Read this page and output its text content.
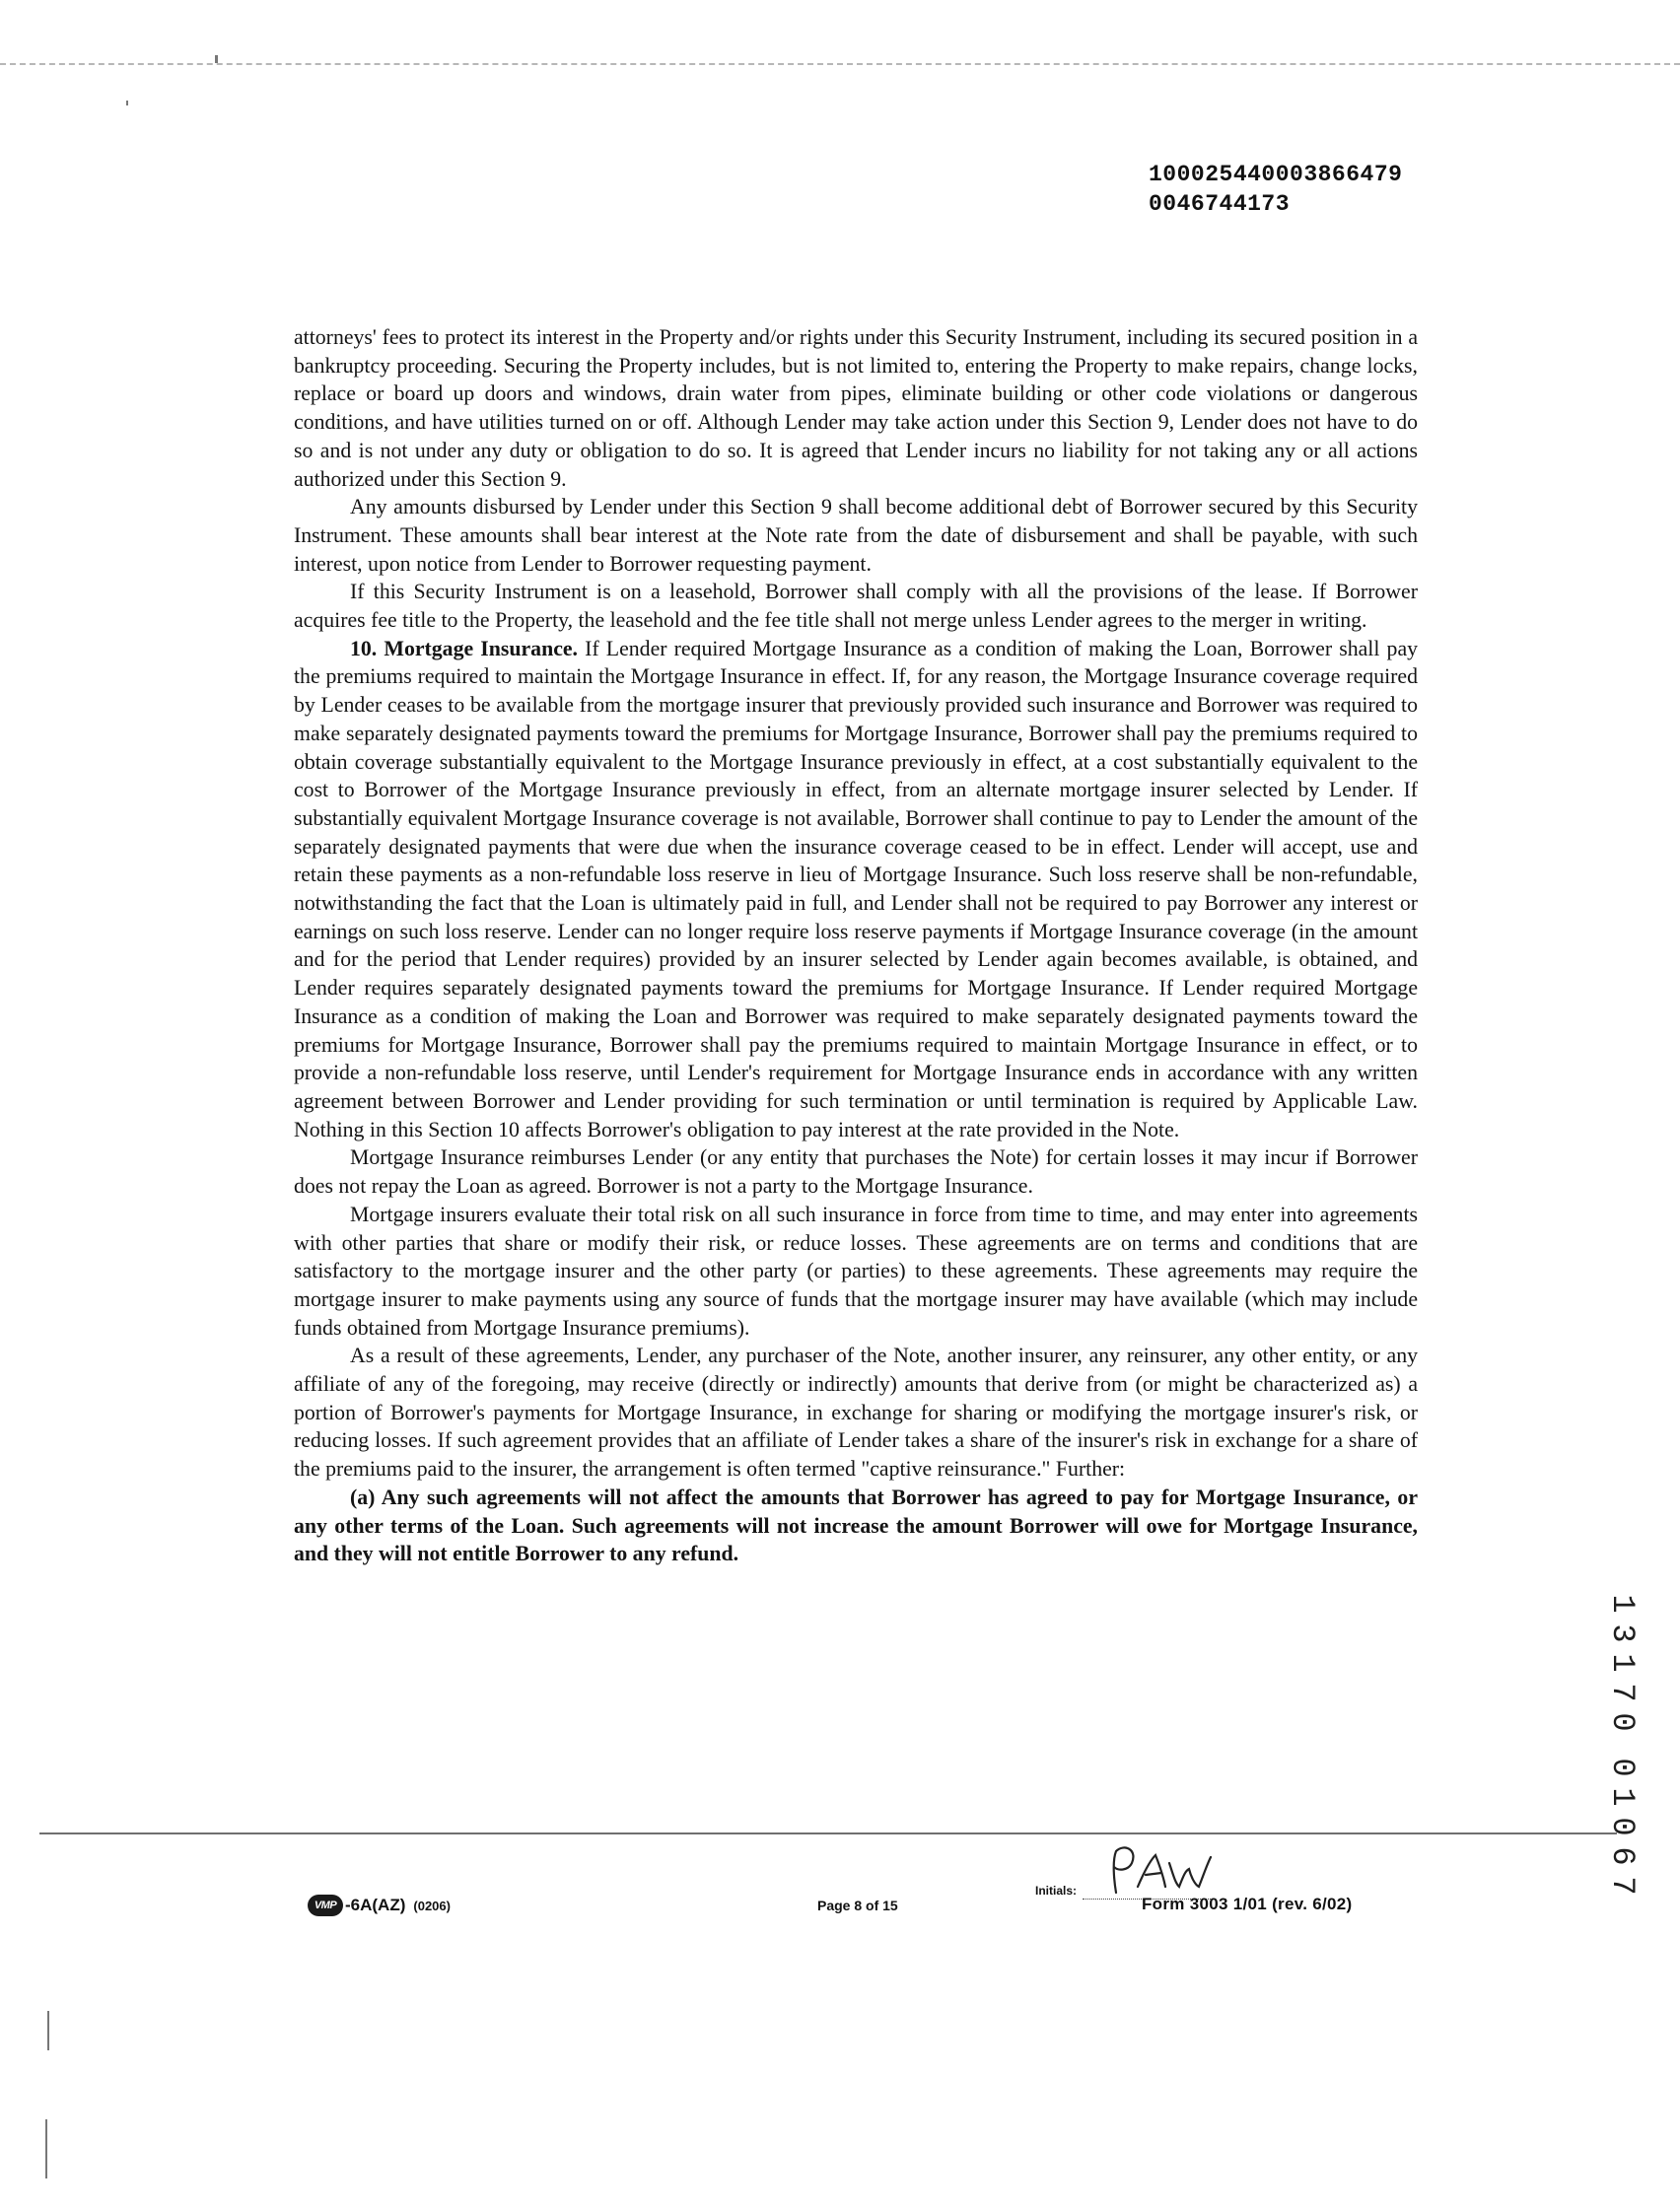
100025440003866479
0046744173

attorneys' fees to protect its interest in the Property and/or rights under this Security Instrument, including its secured position in a bankruptcy proceeding. Securing the Property includes, but is not limited to, entering the Property to make repairs, change locks, replace or board up doors and windows, drain water from pipes, eliminate building or other code violations or dangerous conditions, and have utilities turned on or off. Although Lender may take action under this Section 9, Lender does not have to do so and is not under any duty or obligation to do so. It is agreed that Lender incurs no liability for not taking any or all actions authorized under this Section 9.

Any amounts disbursed by Lender under this Section 9 shall become additional debt of Borrower secured by this Security Instrument. These amounts shall bear interest at the Note rate from the date of disbursement and shall be payable, with such interest, upon notice from Lender to Borrower requesting payment.

If this Security Instrument is on a leasehold, Borrower shall comply with all the provisions of the lease. If Borrower acquires fee title to the Property, the leasehold and the fee title shall not merge unless Lender agrees to the merger in writing.

10. Mortgage Insurance. If Lender required Mortgage Insurance as a condition of making the Loan, Borrower shall pay the premiums required to maintain the Mortgage Insurance in effect. If, for any reason, the Mortgage Insurance coverage required by Lender ceases to be available from the mortgage insurer that previously provided such insurance and Borrower was required to make separately designated payments toward the premiums for Mortgage Insurance, Borrower shall pay the premiums required to obtain coverage substantially equivalent to the Mortgage Insurance previously in effect, at a cost substantially equivalent to the cost to Borrower of the Mortgage Insurance previously in effect, from an alternate mortgage insurer selected by Lender. If substantially equivalent Mortgage Insurance coverage is not available, Borrower shall continue to pay to Lender the amount of the separately designated payments that were due when the insurance coverage ceased to be in effect. Lender will accept, use and retain these payments as a non-refundable loss reserve in lieu of Mortgage Insurance. Such loss reserve shall be non-refundable, notwithstanding the fact that the Loan is ultimately paid in full, and Lender shall not be required to pay Borrower any interest or earnings on such loss reserve. Lender can no longer require loss reserve payments if Mortgage Insurance coverage (in the amount and for the period that Lender requires) provided by an insurer selected by Lender again becomes available, is obtained, and Lender requires separately designated payments toward the premiums for Mortgage Insurance. If Lender required Mortgage Insurance as a condition of making the Loan and Borrower was required to make separately designated payments toward the premiums for Mortgage Insurance, Borrower shall pay the premiums required to maintain Mortgage Insurance in effect, or to provide a non-refundable loss reserve, until Lender's requirement for Mortgage Insurance ends in accordance with any written agreement between Borrower and Lender providing for such termination or until termination is required by Applicable Law. Nothing in this Section 10 affects Borrower's obligation to pay interest at the rate provided in the Note.

Mortgage Insurance reimburses Lender (or any entity that purchases the Note) for certain losses it may incur if Borrower does not repay the Loan as agreed. Borrower is not a party to the Mortgage Insurance.

Mortgage insurers evaluate their total risk on all such insurance in force from time to time, and may enter into agreements with other parties that share or modify their risk, or reduce losses. These agreements are on terms and conditions that are satisfactory to the mortgage insurer and the other party (or parties) to these agreements. These agreements may require the mortgage insurer to make payments using any source of funds that the mortgage insurer may have available (which may include funds obtained from Mortgage Insurance premiums).

As a result of these agreements, Lender, any purchaser of the Note, another insurer, any reinsurer, any other entity, or any affiliate of any of the foregoing, may receive (directly or indirectly) amounts that derive from (or might be characterized as) a portion of Borrower's payments for Mortgage Insurance, in exchange for sharing or modifying the mortgage insurer's risk, or reducing losses. If such agreement provides that an affiliate of Lender takes a share of the insurer's risk in exchange for a share of the premiums paid to the insurer, the arrangement is often termed "captive reinsurance." Further:

(a) Any such agreements will not affect the amounts that Borrower has agreed to pay for Mortgage Insurance, or any other terms of the Loan. Such agreements will not increase the amount Borrower will owe for Mortgage Insurance, and they will not entitle Borrower to any refund.

VMP -6A(AZ) (0206)	Page 8 of 15
Initials:
Form 3003 1/01 (rev. 6/02)
1
3
1
7
0
0
1
0
6
7
